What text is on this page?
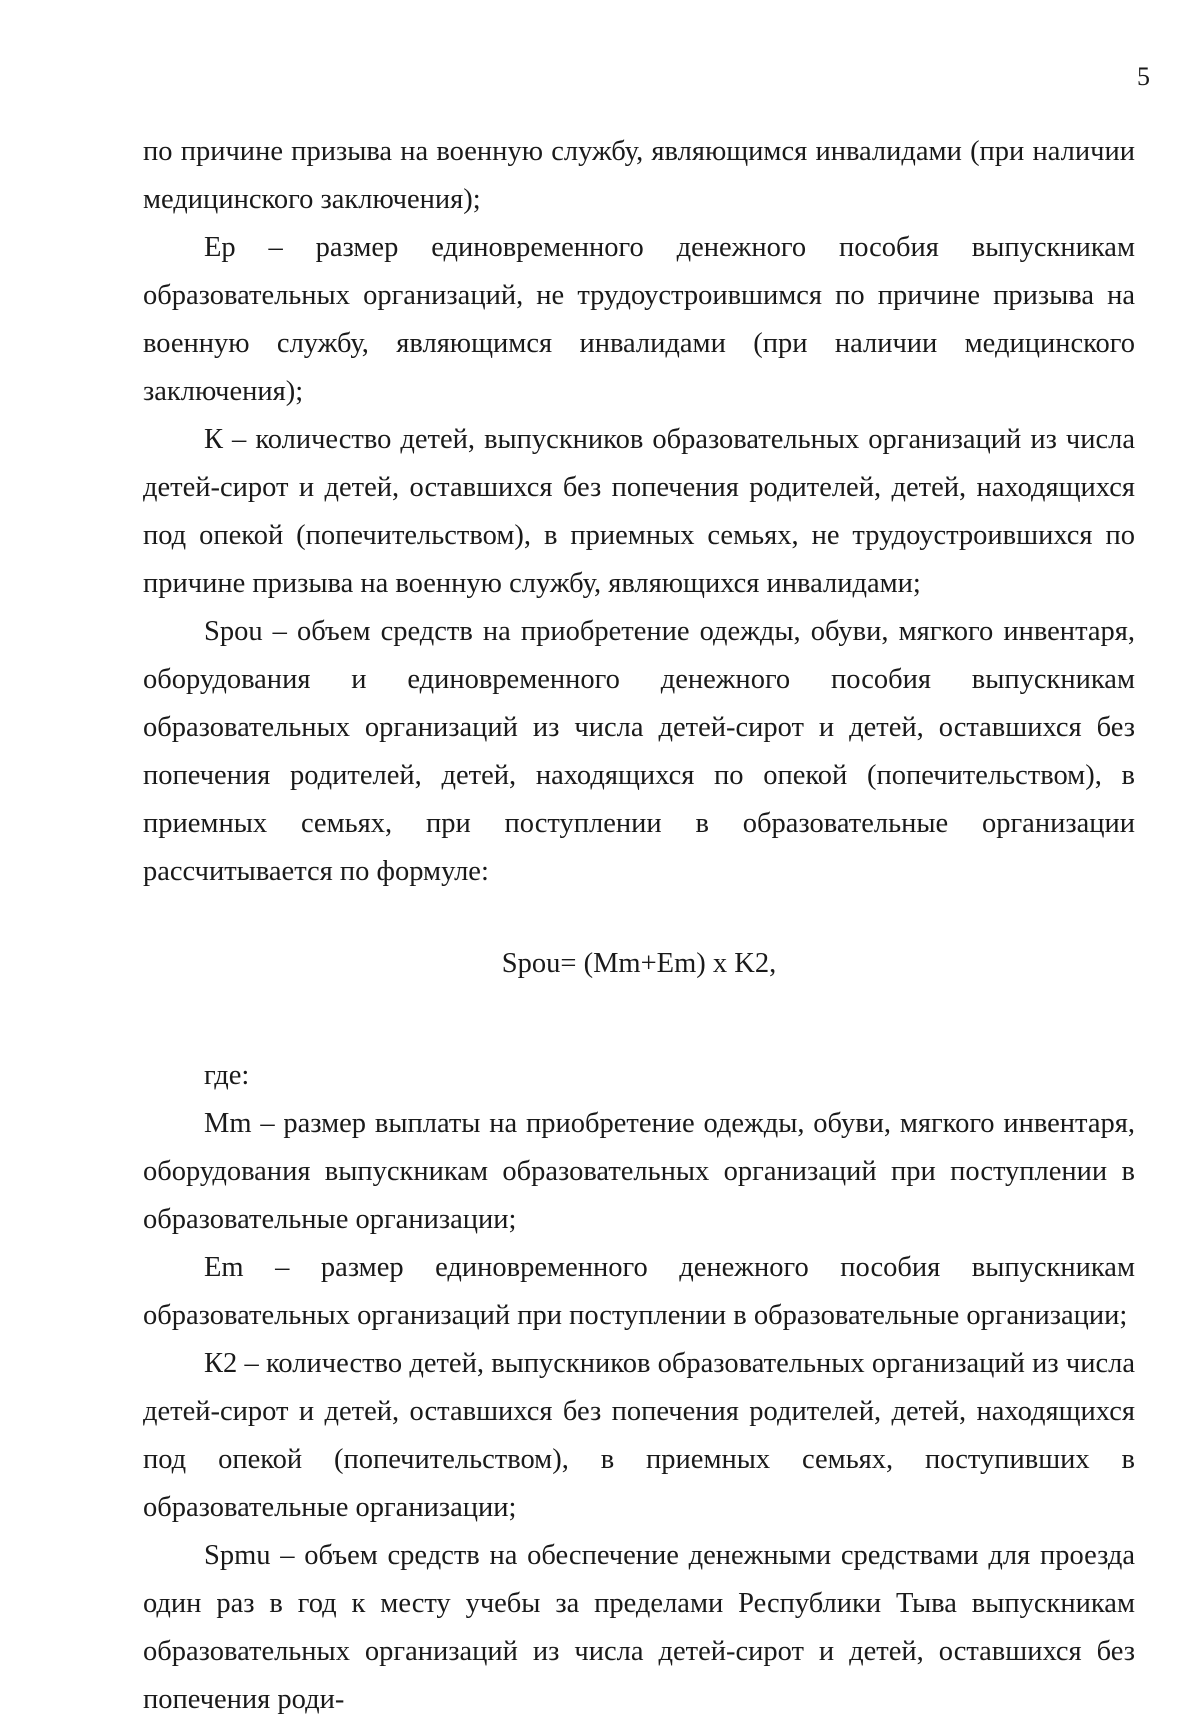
5

по причине призыва на военную службу, являющимся инвалидами (при наличии медицинского заключения);

Ер – размер единовременного денежного пособия выпускникам образовательных организаций, не трудоустроившимся по причине призыва на военную службу, являющимся инвалидами (при наличии медицинского заключения);

К – количество детей, выпускников образовательных организаций из числа детей-сирот и детей, оставшихся без попечения родителей, детей, находящихся под опекой (попечительством), в приемных семьях, не трудоустроившихся по причине призыва на военную службу, являющихся инвалидами;

Spou – объем средств на приобретение одежды, обуви, мягкого инвентаря, оборудования и единовременного денежного пособия выпускникам образовательных организаций из числа детей-сирот и детей, оставшихся без попечения родителей, детей, находящихся по опекой (попечительством), в приемных семьях, при поступлении в образовательные организации рассчитывается по формуле:

Spou= (Mm+Em) x K2,

где:

Mm – размер выплаты на приобретение одежды, обуви, мягкого инвентаря, оборудования выпускникам образовательных организаций при поступлении в образовательные организации;

Em – размер единовременного денежного пособия выпускникам образовательных организаций при поступлении в образовательные организации;

К2 – количество детей, выпускников образовательных организаций из числа детей-сирот и детей, оставшихся без попечения родителей, детей, находящихся под опекой (попечительством), в приемных семьях, поступивших в образовательные организации;

Spmu – объем средств на обеспечение денежными средствами для проезда один раз в год к месту учебы за пределами Республики Тыва выпускникам образовательных организаций из числа детей-сирот и детей, оставшихся без попечения роди-
